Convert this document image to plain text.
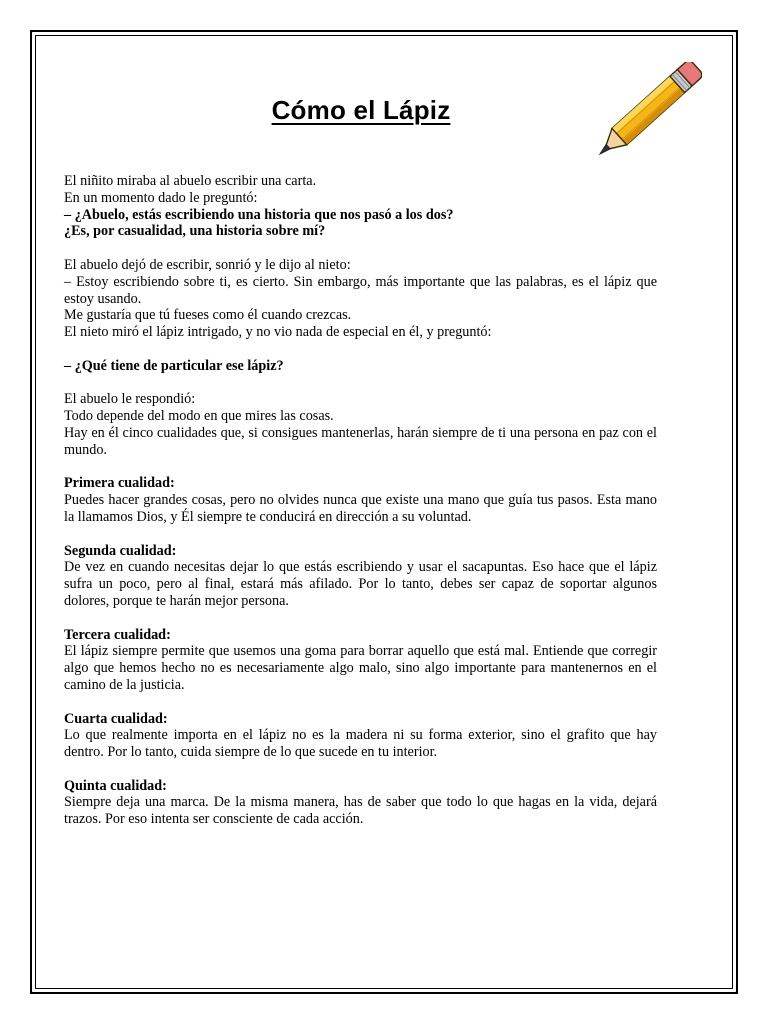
Cómo el Lápiz

El niñito miraba al abuelo escribir una carta.

En un momento dado le preguntó:

– ¿Abuelo, estás escribiendo una historia que nos pasó a los dos?

¿Es, por casualidad, una historia sobre mí?

El abuelo dejó de escribir, sonrió y le dijo al nieto:

– Estoy escribiendo sobre ti, es cierto. Sin embargo, más importante que las palabras, es el lápiz que estoy usando.

Me gustaría que tú fueses como él cuando crezcas.

El nieto miró el lápiz intrigado, y no vio nada de especial en él, y preguntó:

– ¿Qué tiene de particular ese lápiz?

El abuelo le respondió:

Todo depende del modo en que mires las cosas.

Hay en él cinco cualidades que, si consigues mantenerlas, harán siempre de ti una persona en paz con el mundo.

Primera cualidad:

Puedes hacer grandes cosas, pero no olvides nunca que existe una mano que guía tus pasos. Esta mano la llamamos Dios, y Él siempre te conducirá en dirección a su voluntad.

Segunda cualidad:

De vez en cuando necesitas dejar lo que estás escribiendo y usar el sacapuntas. Eso hace que el lápiz sufra un poco, pero al final, estará más afilado. Por lo tanto, debes ser capaz de soportar algunos dolores, porque te harán mejor persona.

Tercera cualidad:

El lápiz siempre permite que usemos una goma para borrar aquello que está mal. Entiende que corregir algo que hemos hecho no es necesariamente algo malo, sino algo importante para mantenernos en el camino de la justicia.

Cuarta cualidad:

Lo que realmente importa en el lápiz no es la madera ni su forma exterior, sino el grafito que hay dentro. Por lo tanto, cuida siempre de lo que sucede en tu interior.

Quinta cualidad:

Siempre deja una marca. De la misma manera, has de saber que todo lo que hagas en la vida, dejará trazos. Por eso intenta ser consciente de cada acción.
